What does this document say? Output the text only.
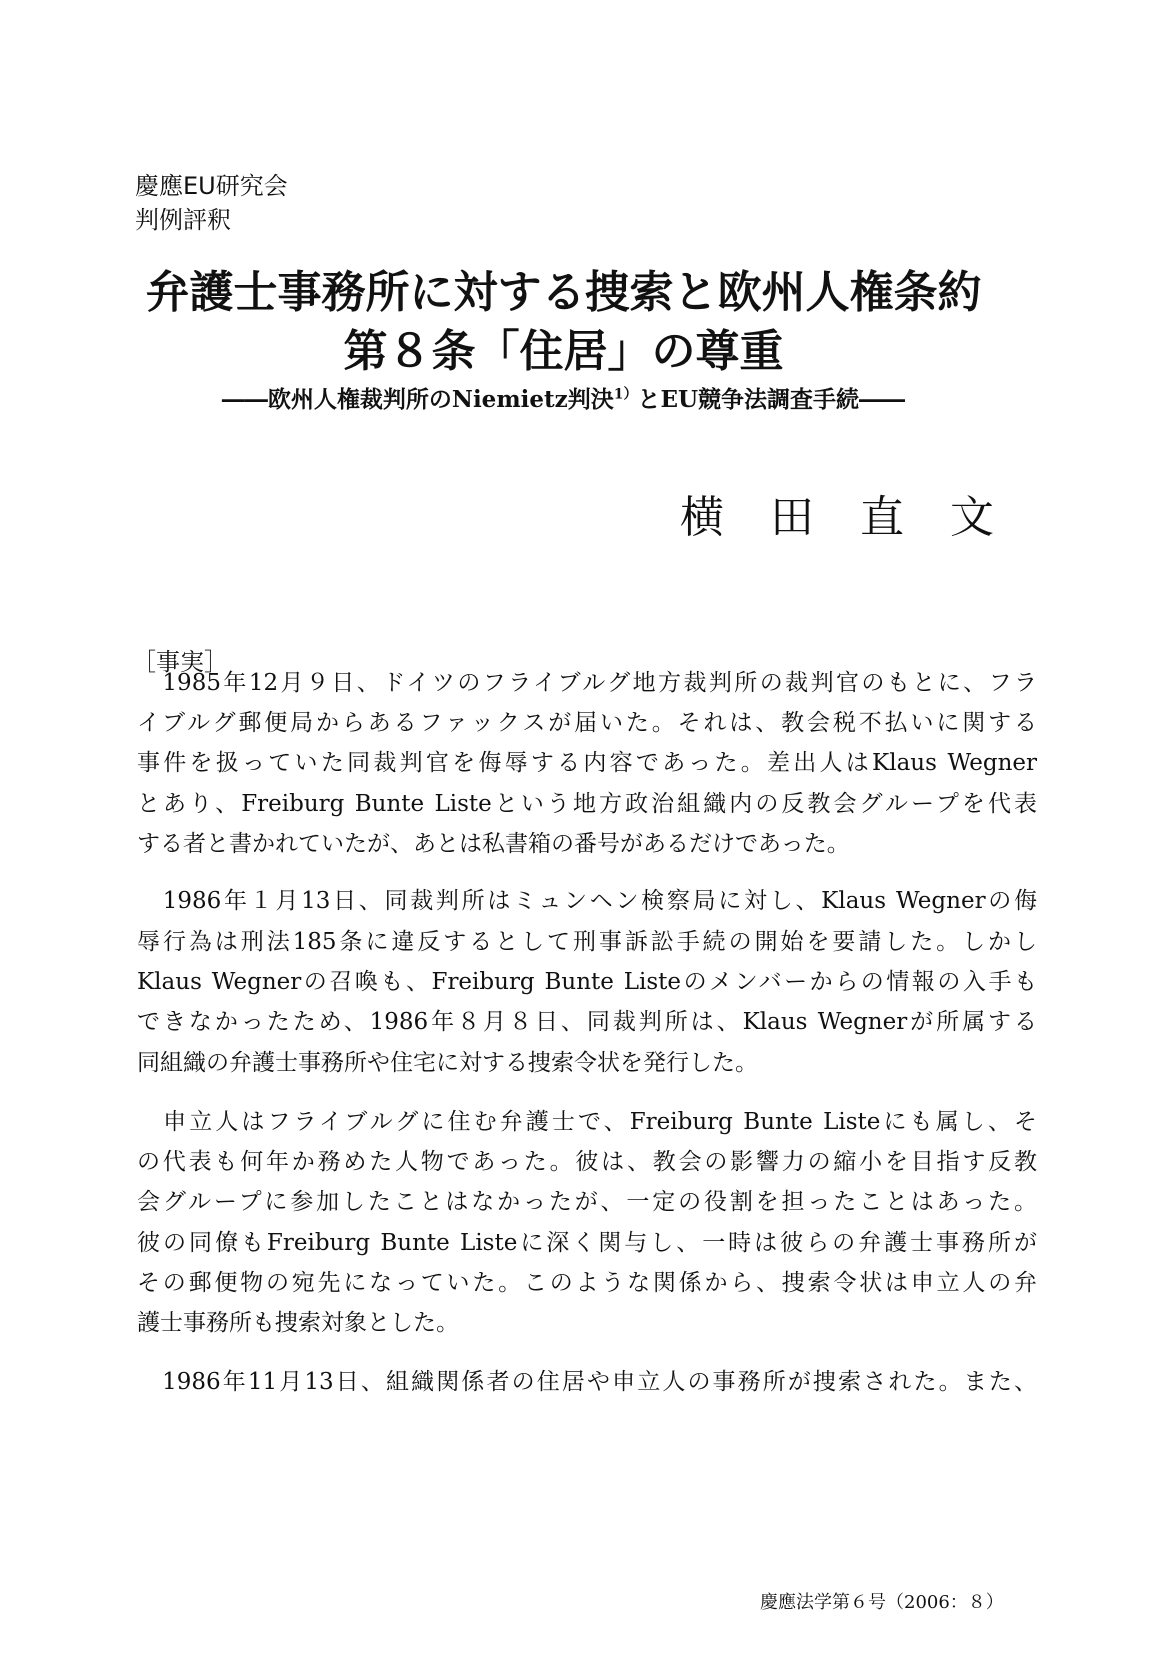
慶應EU研究会
判例評釈
弁護士事務所に対する捜索と欧州人権条約
第８条「住居」の尊重
――欧州人権裁判所のNiemietz判決$^{1)}$とEU競争法調査手続――
横田直文
［事実］
　1985年12月９日、ドイツのフライブルグ地方裁判所の裁判官のもとに、フラ
イブルグ郵便局からあるファックスが届いた。それは、教会税不払いに関する
事件を扱っていた同裁判官を侮辱する内容であった。差出人はKlaus Wegner
とあり、Freiburg Bunte Listeという地方政治組織内の反教会グループを代表
する者と書かれていたが、あとは私書箱の番号があるだけであった。
　1986年１月13日、同裁判所はミュンヘン検察局に対し、Klaus Wegnerの侮
辱行為は刑法185条に違反するとして刑事訴訟手続の開始を要請した。しかし
Klaus Wegnerの召喚も、Freiburg Bunte Listeのメンバーからの情報の入手も
できなかったため、1986年８月８日、同裁判所は、Klaus Wegnerが所属する
同組織の弁護士事務所や住宅に対する捜索令状を発行した。
　申立人はフライブルグに住む弁護士で、Freiburg Bunte Listeにも属し、そ
の代表も何年か務めた人物であった。彼は、教会の影響力の縮小を目指す反教
会グループに参加したことはなかったが、一定の役割を担ったことはあった。
彼の同僚もFreiburg Bunte Listeに深く関与し、一時は彼らの弁護士事務所が
その郵便物の宛先になっていた。このような関係から、捜索令状は申立人の弁
護士事務所も捜索対象とした。
　1986年11月13日、組織関係者の住居や申立人の事務所が捜索された。また、
慶應法学第６号（2006：８）
